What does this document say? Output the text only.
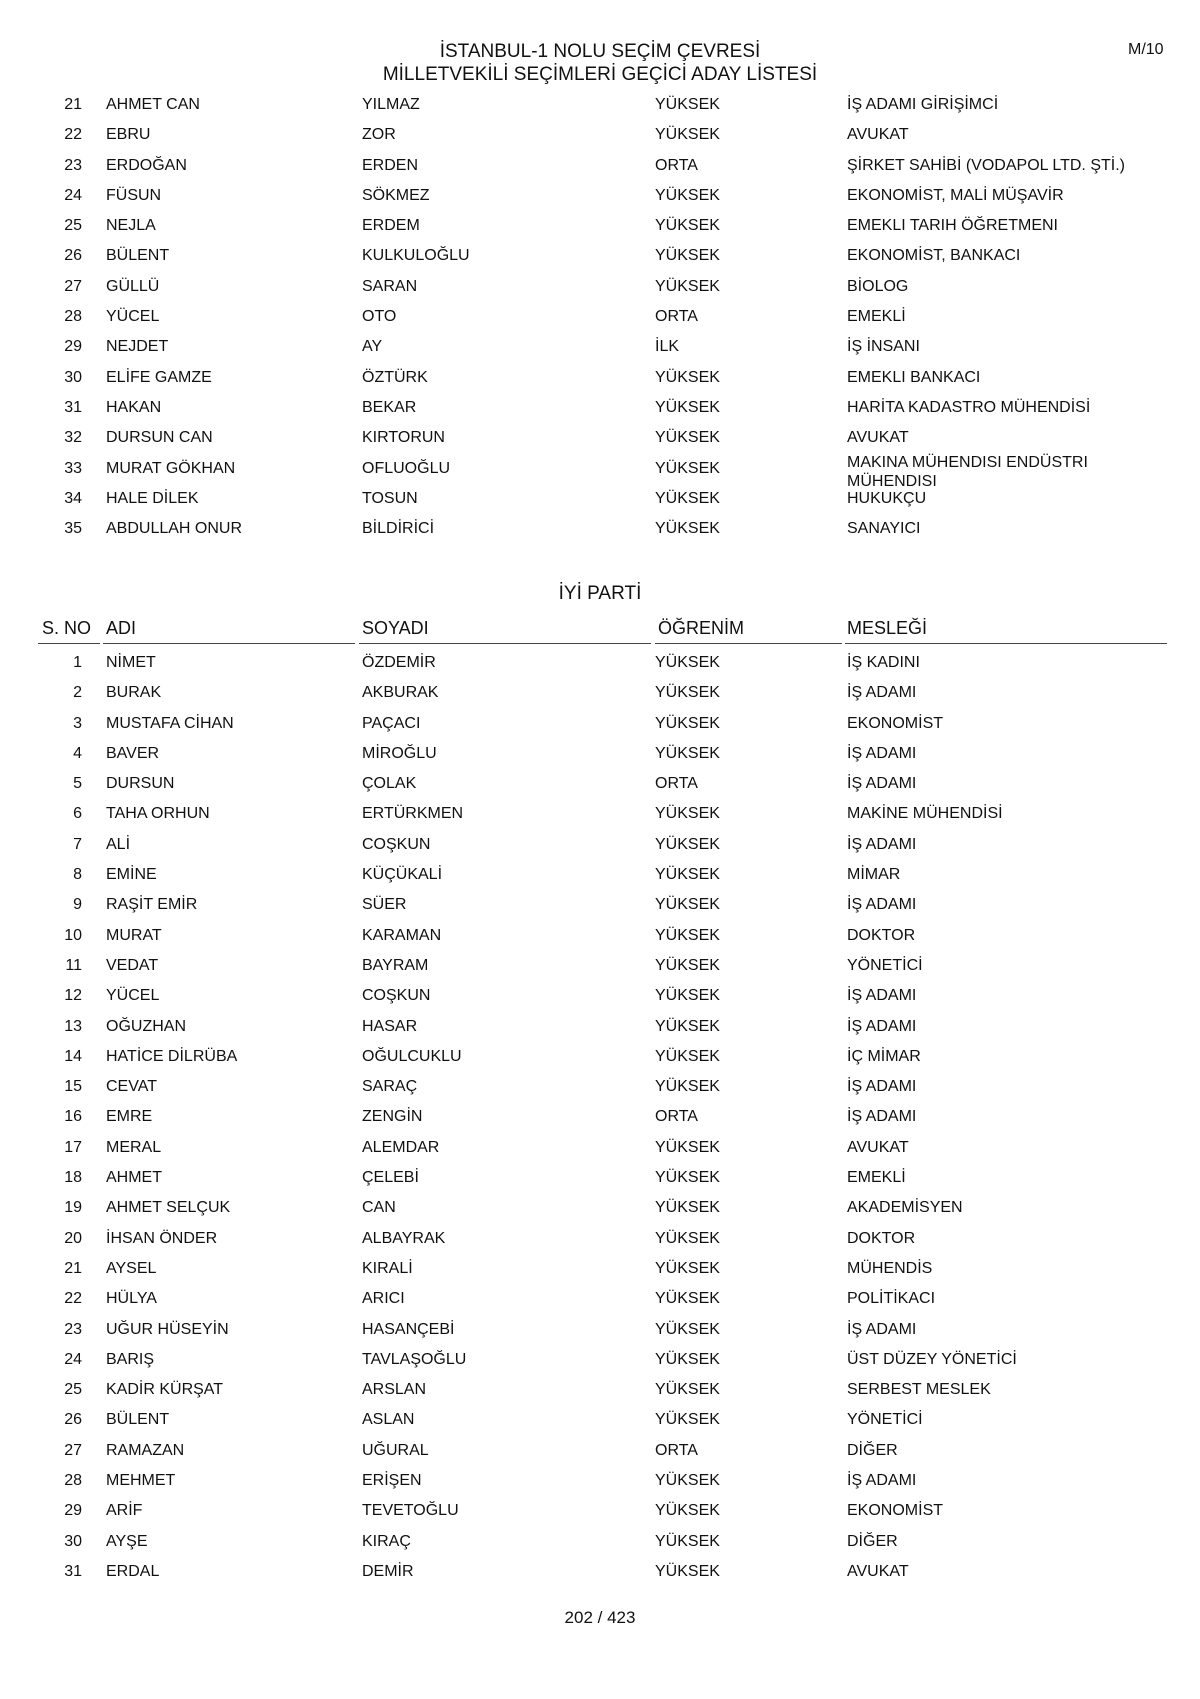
İSTANBUL-1 NOLU SEÇİM ÇEVRESİ
MİLLETVEKİLİ SEÇİMLERİ GEÇİCİ ADAY LİSTESİ
M/10
21 AHMET CAN	YILMAZ	YÜKSEK	İŞ ADAMI GİRİŞİMCİ
22 EBRU	ZOR	YÜKSEK	AVUKAT
23 ERDOĞAN	ERDEN	ORTA	ŞİRKET SAHİBİ (VODAPOL LTD. ŞTİ.)
24 FÜSUN	SÖKMEZ	YÜKSEK	EKONOMİST, MALİ MÜŞAVİR
25 NEJLA	ERDEM	YÜKSEK	EMEKLI TARIH ÖĞRETMENI
26 BÜLENT	KULKULOĞLU	YÜKSEK	EKONOMİST, BANKACI
27 GÜLLÜ	SARAN	YÜKSEK	BİOLOG
28 YÜCEL	OTO	ORTA	EMEKLİ
29 NEJDET	AY	İLK	İŞ İNSANI
30 ELİFE GAMZE	ÖZTÜRK	YÜKSEK	EMEKLI BANKACI
31 HAKAN	BEKAR	YÜKSEK	HARİTA KADASTRO MÜHENDİSİ
32 DURSUN CAN	KIRTORUN	YÜKSEK	AVUKAT
33 MURAT GÖKHAN	OFLUOĞLU	YÜKSEK	MAKINA MÜHENDISI ENDÜSTRI MÜHENDISI
34 HALE DİLEK	TOSUN	YÜKSEK	HUKUKÇU
35 ABDULLAH ONUR	BİLDİRİCİ	YÜKSEK	SANAYICI
İYİ PARTİ
S. NO ADI	SOYADI	ÖĞRENİM	MESLEĞİ
1 NİMET	ÖZDEMİR	YÜKSEK	İŞ KADINI
2 BURAK	AKBURAK	YÜKSEK	İŞ ADAMI
3 MUSTAFA CİHAN	PAÇACI	YÜKSEK	EKONOMİST
4 BAVER	MİROĞLU	YÜKSEK	İŞ ADAMI
5 DURSUN	ÇOLAK	ORTA	İŞ ADAMI
6 TAHA ORHUN	ERTÜRKMEN	YÜKSEK	MAKİNE MÜHENDİSİ
7 ALİ	COŞKUN	YÜKSEK	İŞ ADAMI
8 EMİNE	KÜÇÜKALİ	YÜKSEK	MİMAR
9 RAŞİT EMİR	SÜER	YÜKSEK	İŞ ADAMI
10 MURAT	KARAMAN	YÜKSEK	DOKTOR
11 VEDAT	BAYRAM	YÜKSEK	YÖNETİCİ
12 YÜCEL	COŞKUN	YÜKSEK	İŞ ADAMI
13 OĞUZHAN	HASAR	YÜKSEK	İŞ ADAMI
14 HATİCE DİLRÜBA	OĞULCUKLU	YÜKSEK	İÇ MİMAR
15 CEVAT	SARAÇ	YÜKSEK	İŞ ADAMI
16 EMRE	ZENGİN	ORTA	İŞ ADAMI
17 MERAL	ALEMDAR	YÜKSEK	AVUKAT
18 AHMET	ÇELEBİ	YÜKSEK	EMEKLİ
19 AHMET SELÇUK	CAN	YÜKSEK	AKADEMİSYEN
20 İHSAN ÖNDER	ALBAYRAK	YÜKSEK	DOKTOR
21 AYSEL	KIRALİ	YÜKSEK	MÜHENDİS
22 HÜLYA	ARICI	YÜKSEK	POLİTİKACI
23 UĞUR HÜSEYİN	HASANÇEBİ	YÜKSEK	İŞ ADAMI
24 BARIŞ	TAVLAŞOĞLU	YÜKSEK	ÜST DÜZEY YÖNETİCİ
25 KADİR KÜRŞAT	ARSLAN	YÜKSEK	SERBEST MESLEK
26 BÜLENT	ASLAN	YÜKSEK	YÖNETİCİ
27 RAMAZAN	UĞURAL	ORTA	DİĞER
28 MEHMET	ERİŞEN	YÜKSEK	İŞ ADAMI
29 ARİF	TEVETOĞLU	YÜKSEK	EKONOMİST
30 AYŞE	KIRAÇ	YÜKSEK	DİĞER
31 ERDAL	DEMİR	YÜKSEK	AVUKAT
202 / 423
